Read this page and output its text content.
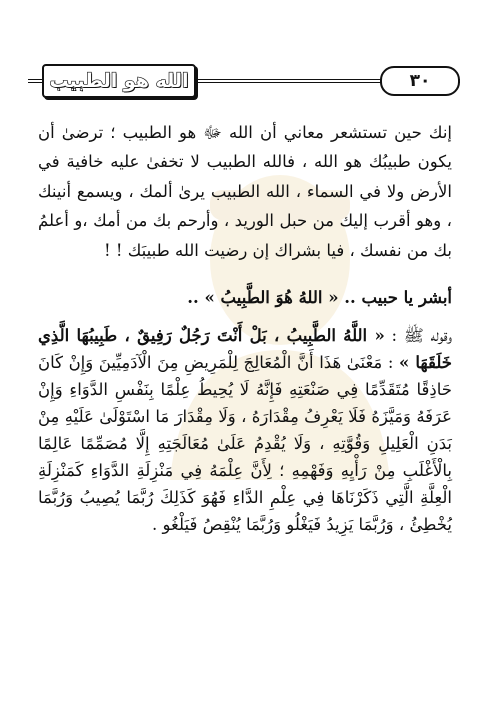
الله هو الطبيب	٣٠

إنك حين تستشعر معاني أن الله ﷻ هو الطبيب ؛ ترضىٰ أن يكون طبيبُك هو الله ، فالله الطبيب لا تخفىٰ عليه خافية في الأرض ولا في السماء ، الله الطبيب يرىٰ ألمك ، ويسمع أنينك ، وهو أقرب إليك من حبل الوريد ، وأرحم بك من أمك ،و أعلمُ بك من نفسك ، فيا بشراك إن رضيت الله طبيبَك ! !

أبشر يا حبيب .. « اللهُ هُوَ الطَّبِيبُ » ..

وقوله ﷺ : « اللَّهُ الطَّبِيبُ ، بَلْ أَنْتَ رَجُلٌ رَفِيقٌ ، طَبِيبُهَا الَّذِي خَلَقَهَا » : مَعْنَىٰ هَذَا أَنَّ الْمُعَالِجَ لِلْمَرِيضِ مِنَ الْآدَمِيِّينَ وَإِنْ كَانَ حَاذِقًا مُتَقَدِّمًا فِي صَنْعَتِهِ فَإِنَّهُ لَا يُحِيطُ عِلْمًا بِنَفْسِ الدَّوَاءِ وَإِنْ عَرَفَهُ وَمَيَّزَهُ فَلَا يَعْرِفُ مِقْدَارَهُ ، وَلَا مِقْدَارَ مَا اسْتَوْلَىٰ عَلَيْهِ مِنْ بَدَنِ الْعَلِيلِ وَقُوَّتِهِ ، وَلَا يُقْدِمُ عَلَىٰ مُعَالَجَتِهِ إِلَّا مُصَمِّمًا عَالِمًا بِالْأَغْلَبِ مِنْ رَأْيِهِ وَفَهْمِهِ ؛ لِأَنَّ عِلْمَهُ فِي مَنْزِلَةِ الدَّوَاءِ كَمَنْزِلَةِ الْعِلَّةِ الَّتِي ذَكَرْنَاهَا فِي عِلْمِ الدَّاءِ فَهُوَ كَذَلِكَ رُبَّمَا يُصِيبُ وَرُبَّمَا يُخْطِئُ ، وَرُبَّمَا يَزِيدُ فَيَغْلُو وَرُبَّمَا يُنْقِصُ فَيَلْغُو .
